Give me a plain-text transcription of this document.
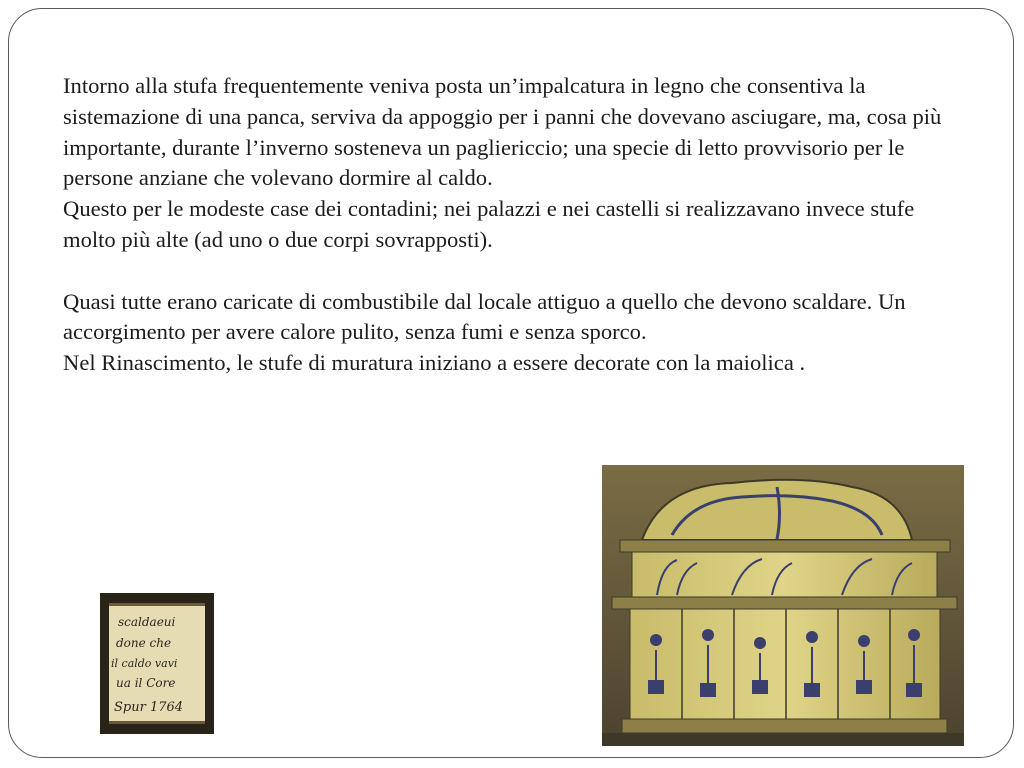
Intorno alla stufa frequentemente veniva posta un’impalcatura in legno che consentiva la sistemazione di una panca, serviva da appoggio per i panni che dovevano asciugare, ma, cosa più importante, durante l’inverno sosteneva un pagliericcio; una specie di letto provvisorio per le persone anziane che volevano dormire al caldo.

Questo per le modeste case dei contadini; nei palazzi e nei castelli si realizzavano invece stufe molto più alte (ad uno o due corpi sovrapposti).

Quasi tutte erano caricate di combustibile dal locale attiguo a quello che devono scaldare. Un accorgimento per avere calore pulito, senza fumi e senza sporco.

Nel Rinascimento, le stufe di muratura iniziano a essere decorate con la maiolica .

scaldaeui
done che
il caldo vavi
ua il Core
Spur 1764
